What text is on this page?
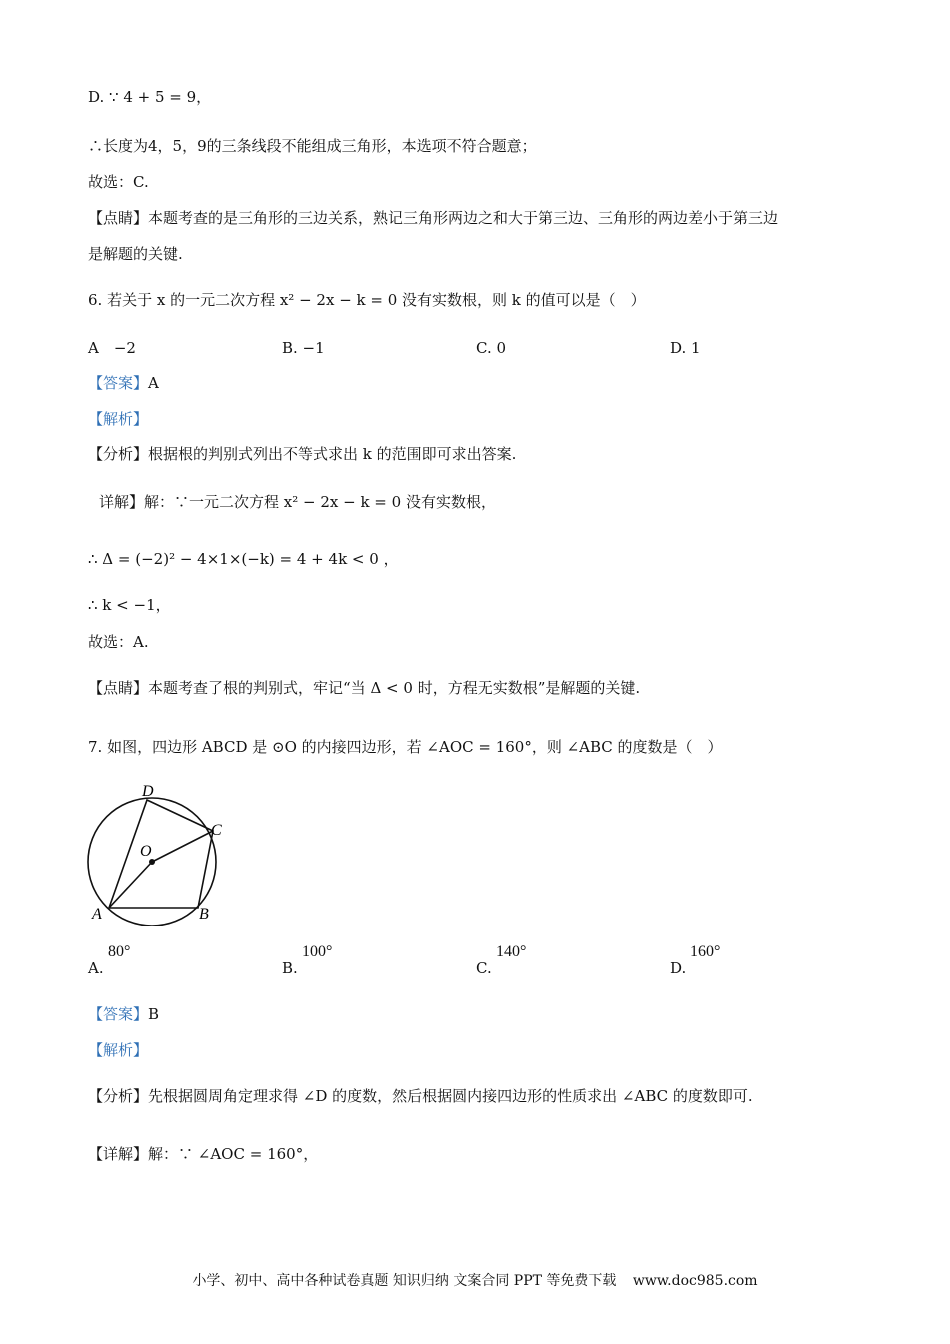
D. ∵ 4 + 5 = 9，
∴长度为4，5，9的三条线段不能组成三角形，本选项不符合题意；
故选：C.
【点睛】本题考查的是三角形的三边关系，熟记三角形两边之和大于第三边、三角形的两边差小于第三边
是解题的关键.
6. 若关于 x 的一元二次方程 x² − 2x − k = 0 没有实数根，则 k 的值可以是（　）
A　−2	B. −1	C. 0	D. 1
【答案】A
【解析】
【分析】根据根的判别式列出不等式求出 k 的范围即可求出答案.
详解】解：∵一元二次方程 x² − 2x − k = 0 没有实数根，
∴ Δ = (−2)² − 4×1×(−k) = 4 + 4k < 0 ，
∴ k < −1，
故选：A.
【点睛】本题考查了根的判别式，牢记“当 Δ < 0 时，方程无实数根”是解题的关键.
7. 如图，四边形 ABCD 是 ⊙O 的内接四边形，若 ∠AOC = 160°，则 ∠ABC 的度数是（　）
D
C
O
A	B
A.
80°
B.
100°
C.
140°
D.
160°
【答案】B
【解析】
【分析】先根据圆周角定理求得 ∠D 的度数，然后根据圆内接四边形的性质求出 ∠ABC 的度数即可.
【详解】解：∵ ∠AOC = 160°，
小学、初中、高中各种试卷真题 知识归纳 文案合同 PPT 等免费下载 www.doc985.com
